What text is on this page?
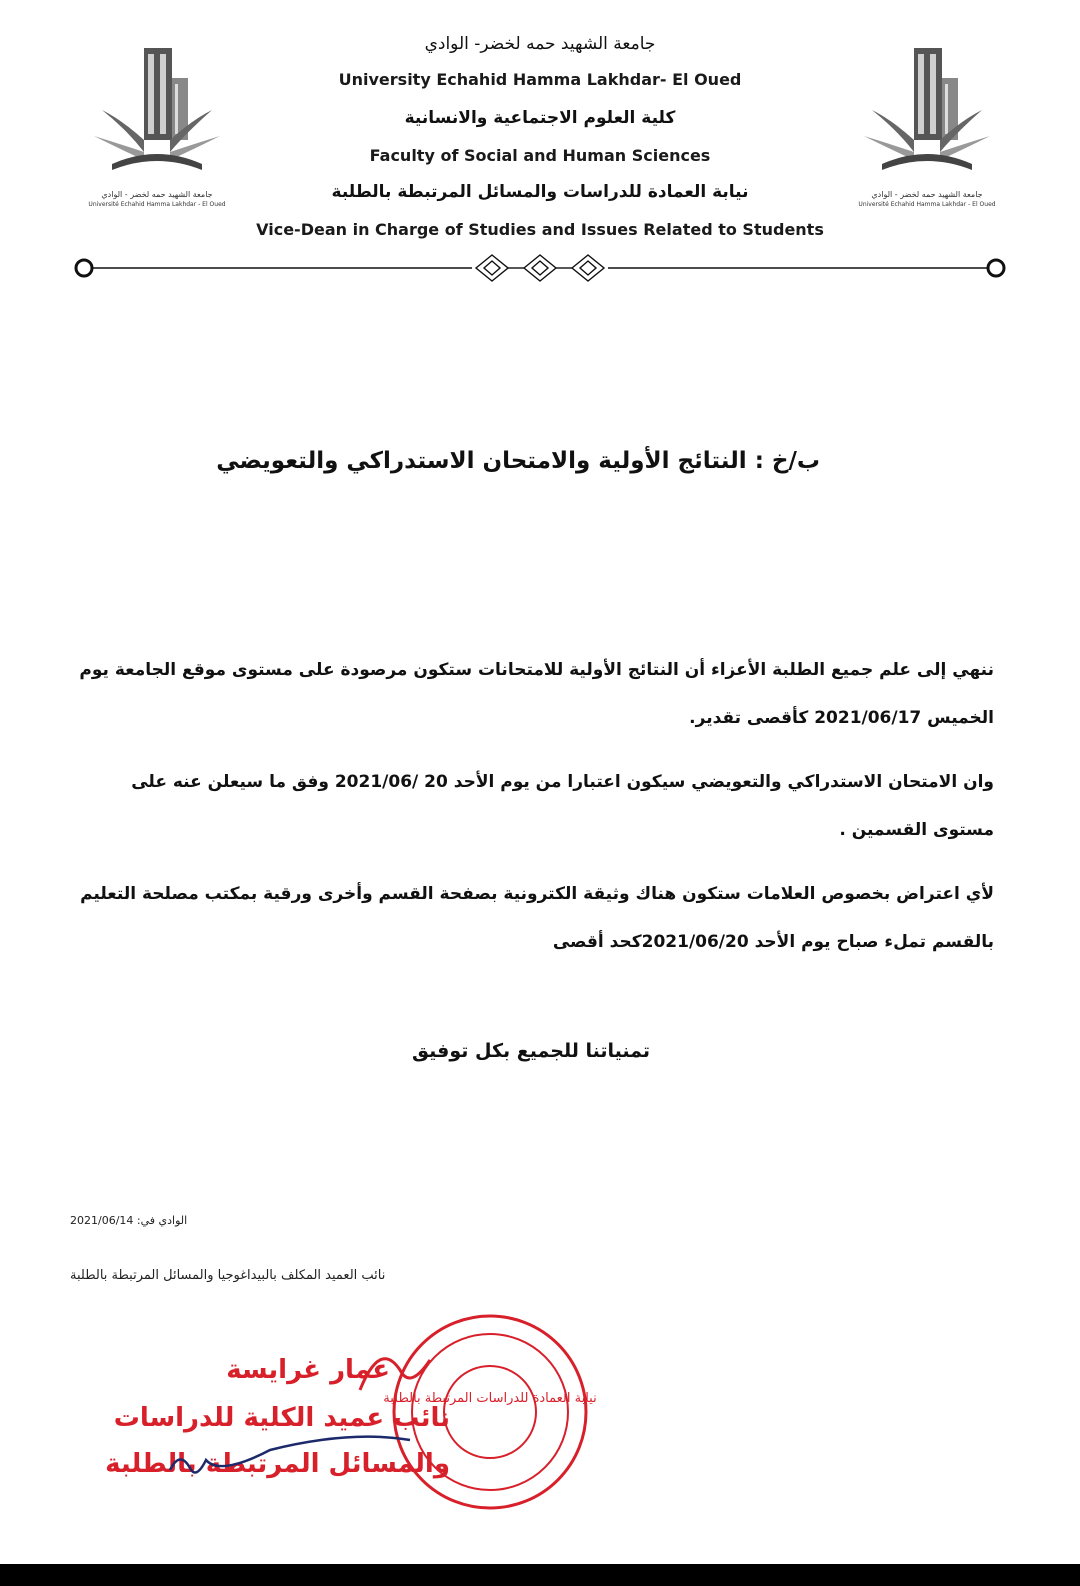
جامعة الشهيد حمه لخضر - الوادي
Université Echahid Hamma Lakhdar - El Oued
جامعة الشهيد حمه لخضر - الوادي
Université Echahid Hamma Lakhdar - El Oued
جامعة الشهيد حمه لخضر- الوادي
University Echahid Hamma Lakhdar- El Oued
كلية العلوم الاجتماعية والانسانية
Faculty of Social and Human Sciences
نيابة العمادة للدراسات والمسائل المرتبطة بالطلبة
Vice-Dean in Charge of Studies and Issues Related to Students
ب/خ : النتائج الأولية والامتحان الاستدراكي والتعويضي
ننهي إلى علم جميع الطلبة الأعزاء أن النتائج الأولية للامتحانات ستكون مرصودة على مستوى موقع الجامعة يوم الخميس 2021/06/17 كأقصى تقدير.
وان الامتحان الاستدراكي والتعويضي سيكون اعتبارا من يوم الأحد 20 /2021/06 وفق ما سيعلن عنه على مستوى القسمين .
لأي اعتراض بخصوص العلامات ستكون هناك وثيقة الكترونية بصفحة القسم وأخرى ورقية بمكتب مصلحة التعليم بالقسم تملء صباح يوم الأحد 2021/06/20كحد أقصى
تمنياتنا للجميع بكل توفيق
الوادي في: 2021/06/14
نائب العميد المكلف بالبيداغوجيا والمسائل المرتبطة بالطلبة
نيابة العمادة للدراسات المرتبطة بالطلبة
عمار غرايسة
نائب عميد الكلية للدراسات
والمسائل المرتبطة بالطلبة
